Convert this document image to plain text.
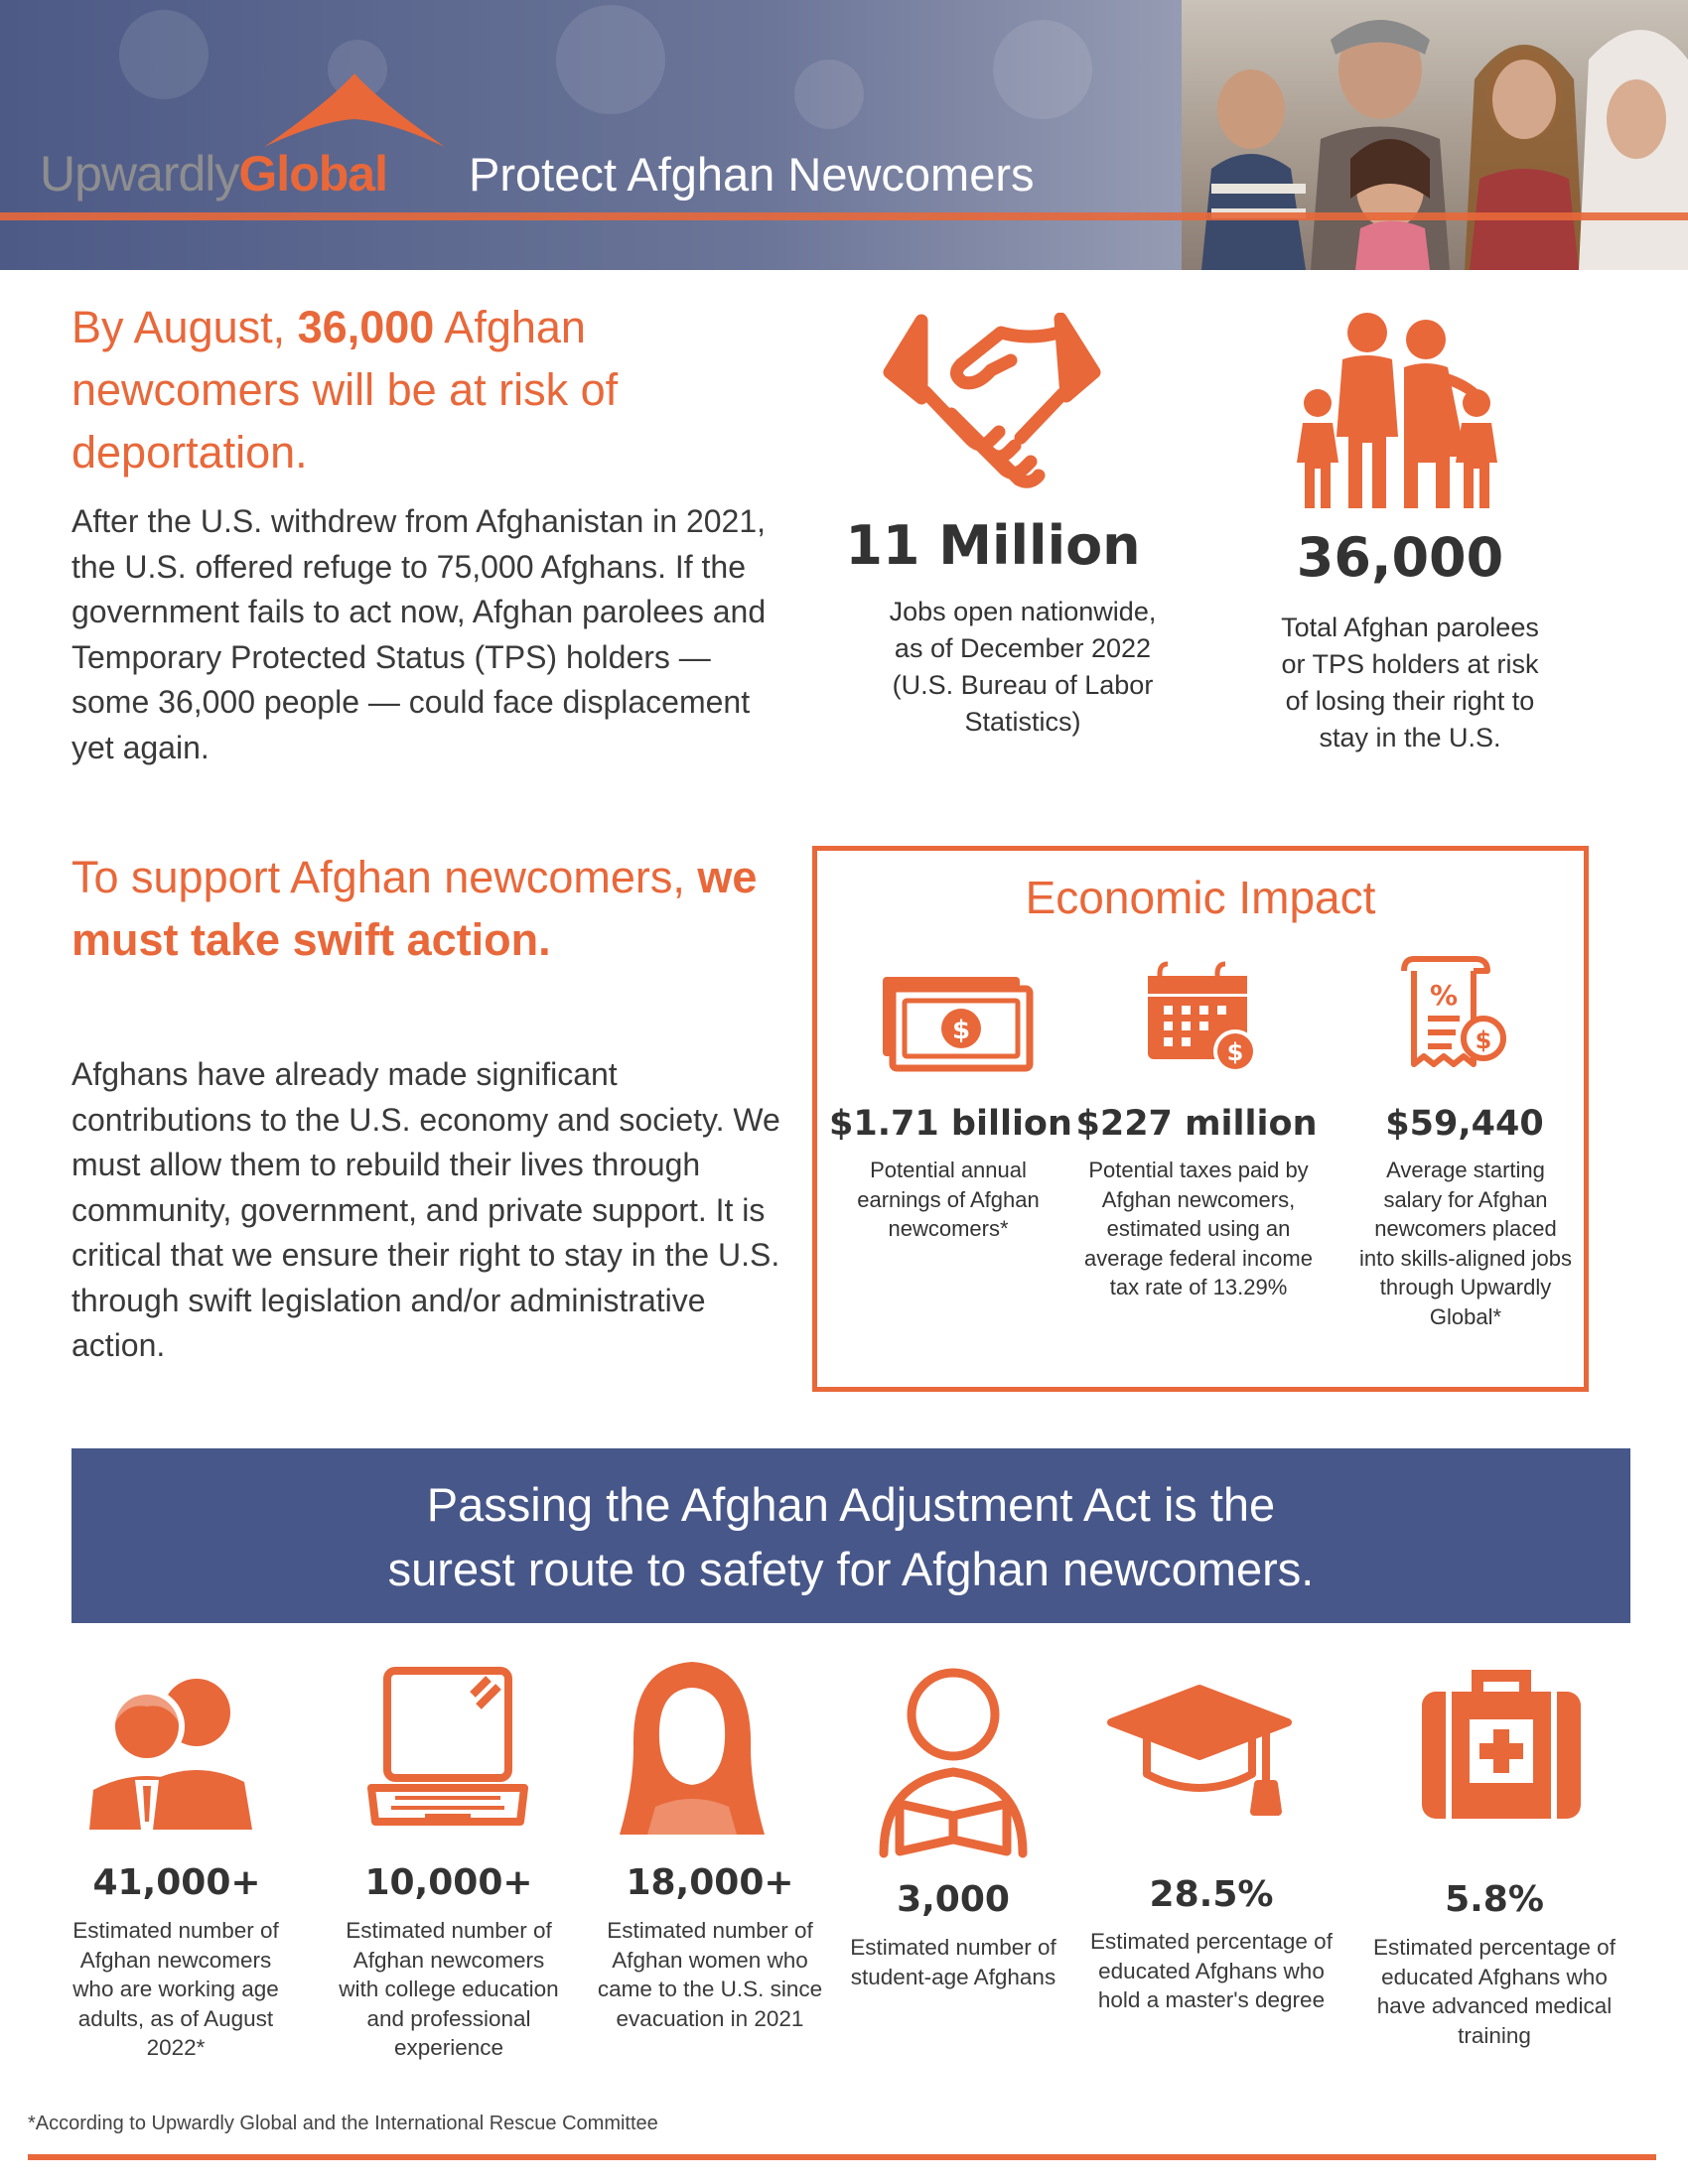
UpwardlyGlobal Protect Afghan Newcomers
By August, 36,000 Afghan newcomers will be at risk of deportation.
After the U.S. withdrew from Afghanistan in 2021, the U.S. offered refuge to 75,000 Afghans. If the government fails to act now, Afghan parolees and Temporary Protected Status (TPS) holders — some 36,000 people — could face displacement yet again.
To support Afghan newcomers, we must take swift action.
Afghans have already made significant contributions to the U.S. economy and society. We must allow them to rebuild their lives through community, government, and private support. It is critical that we ensure their right to stay in the U.S. through swift legislation and/or administrative action.
11 Million
Jobs open nationwide, as of December 2022 (U.S. Bureau of Labor Statistics)
36,000
Total Afghan parolees or TPS holders at risk of losing their right to stay in the U.S.
Economic Impact
$
$
%
$
$1.71 billion
Potential annual earnings of Afghan newcomers*
$227 million
Potential taxes paid by Afghan newcomers, estimated using an average federal income tax rate of 13.29%
$59,440
Average starting salary for Afghan newcomers placed into skills-aligned jobs through Upwardly Global*
Passing the Afghan Adjustment Act is the
surest route to safety for Afghan newcomers.
41,000+
Estimated number of Afghan newcomers who are working age adults, as of August 2022*
10,000+
Estimated number of Afghan newcomers with college education and professional experience
18,000+
Estimated number of Afghan women who came to the U.S. since evacuation in 2021
3,000
Estimated number of student-age Afghans
28.5%
Estimated percentage of educated Afghans who hold a master's degree
5.8%
Estimated percentage of educated Afghans who have advanced medical training
*According to Upwardly Global and the International Rescue Committee
